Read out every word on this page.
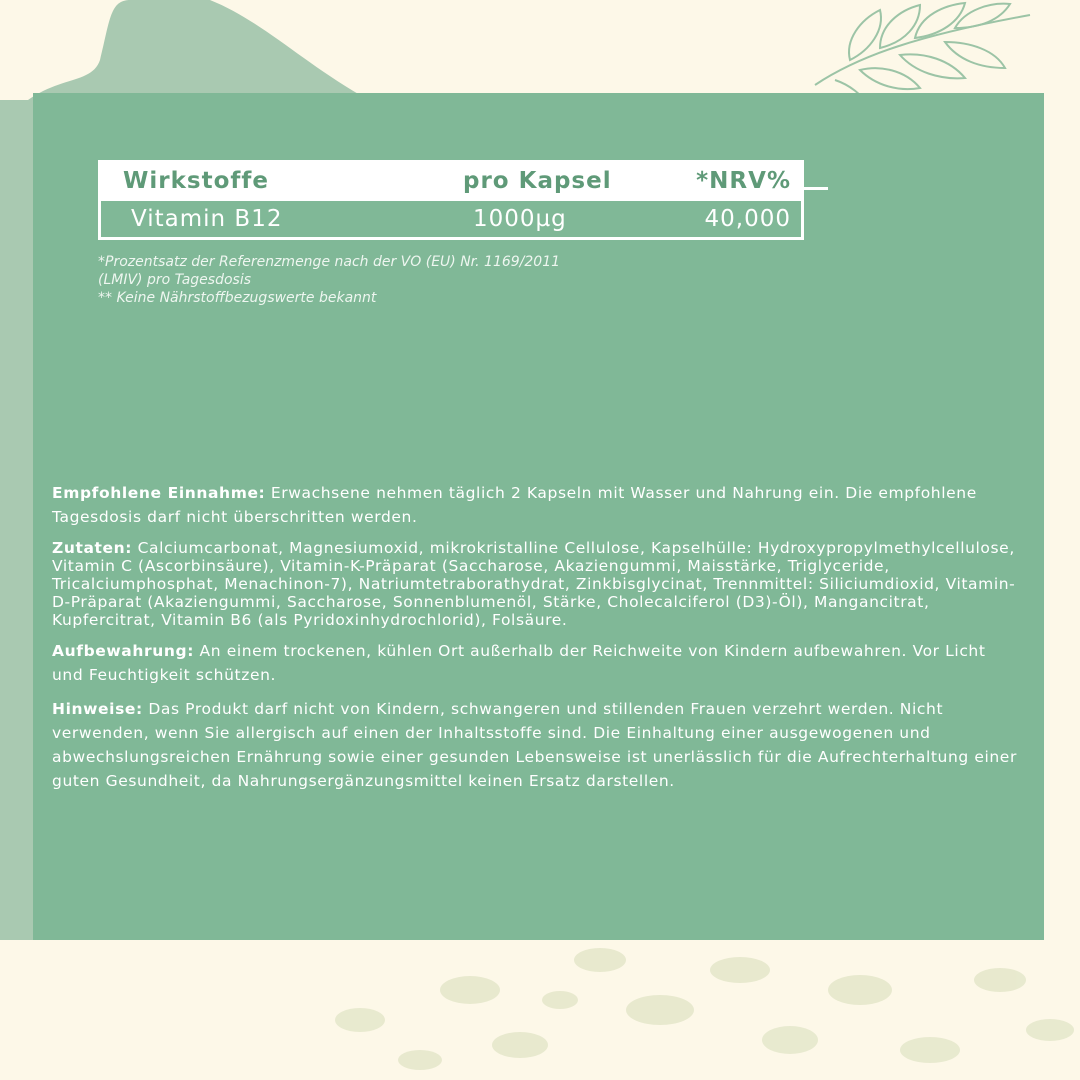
Wirkstoffe	pro Kapsel	*NRV%
Vitamin B12	1000µg	40,000
*Prozentsatz der Referenzmenge nach der VO (EU) Nr. 1169/2011
(LMIV) pro Tagesdosis
** Keine Nährstoffbezugswerte bekannt

Empfohlene Einnahme: Erwachsene nehmen täglich 2 Kapseln mit Wasser und Nahrung ein. Die empfohlene Tagesdosis darf nicht überschritten werden.

Zutaten: Calciumcarbonat, Magnesiumoxid, mikrokristalline Cellulose, Kapselhülle: Hydroxypropylmethylcellulose, Vitamin C (Ascorbinsäure), Vitamin-K-Präparat (Saccharose, Akaziengummi, Maisstärke, Triglyceride, Tricalciumphosphat, Menachinon-7), Natriumtetraborathydrat, Zinkbisglycinat, Trennmittel: Siliciumdioxid, Vitamin-D-Präparat (Akaziengummi, Saccharose, Sonnenblumenöl, Stärke, Cholecalciferol (D3)-Öl), Mangancitrat, Kupfercitrat, Vitamin B6 (als Pyridoxinhydrochlorid), Folsäure.

Aufbewahrung: An einem trockenen, kühlen Ort außerhalb der Reichweite von Kindern aufbewahren. Vor Licht und Feuchtigkeit schützen.

Hinweise: Das Produkt darf nicht von Kindern, schwangeren und stillenden Frauen verzehrt werden. Nicht verwenden, wenn Sie allergisch auf einen der Inhaltsstoffe sind. Die Einhaltung einer ausgewogenen und abwechslungsreichen Ernährung sowie einer gesunden Lebensweise ist unerlässlich für die Aufrechterhaltung einer guten Gesundheit, da Nahrungsergänzungsmittel keinen Ersatz darstellen.
